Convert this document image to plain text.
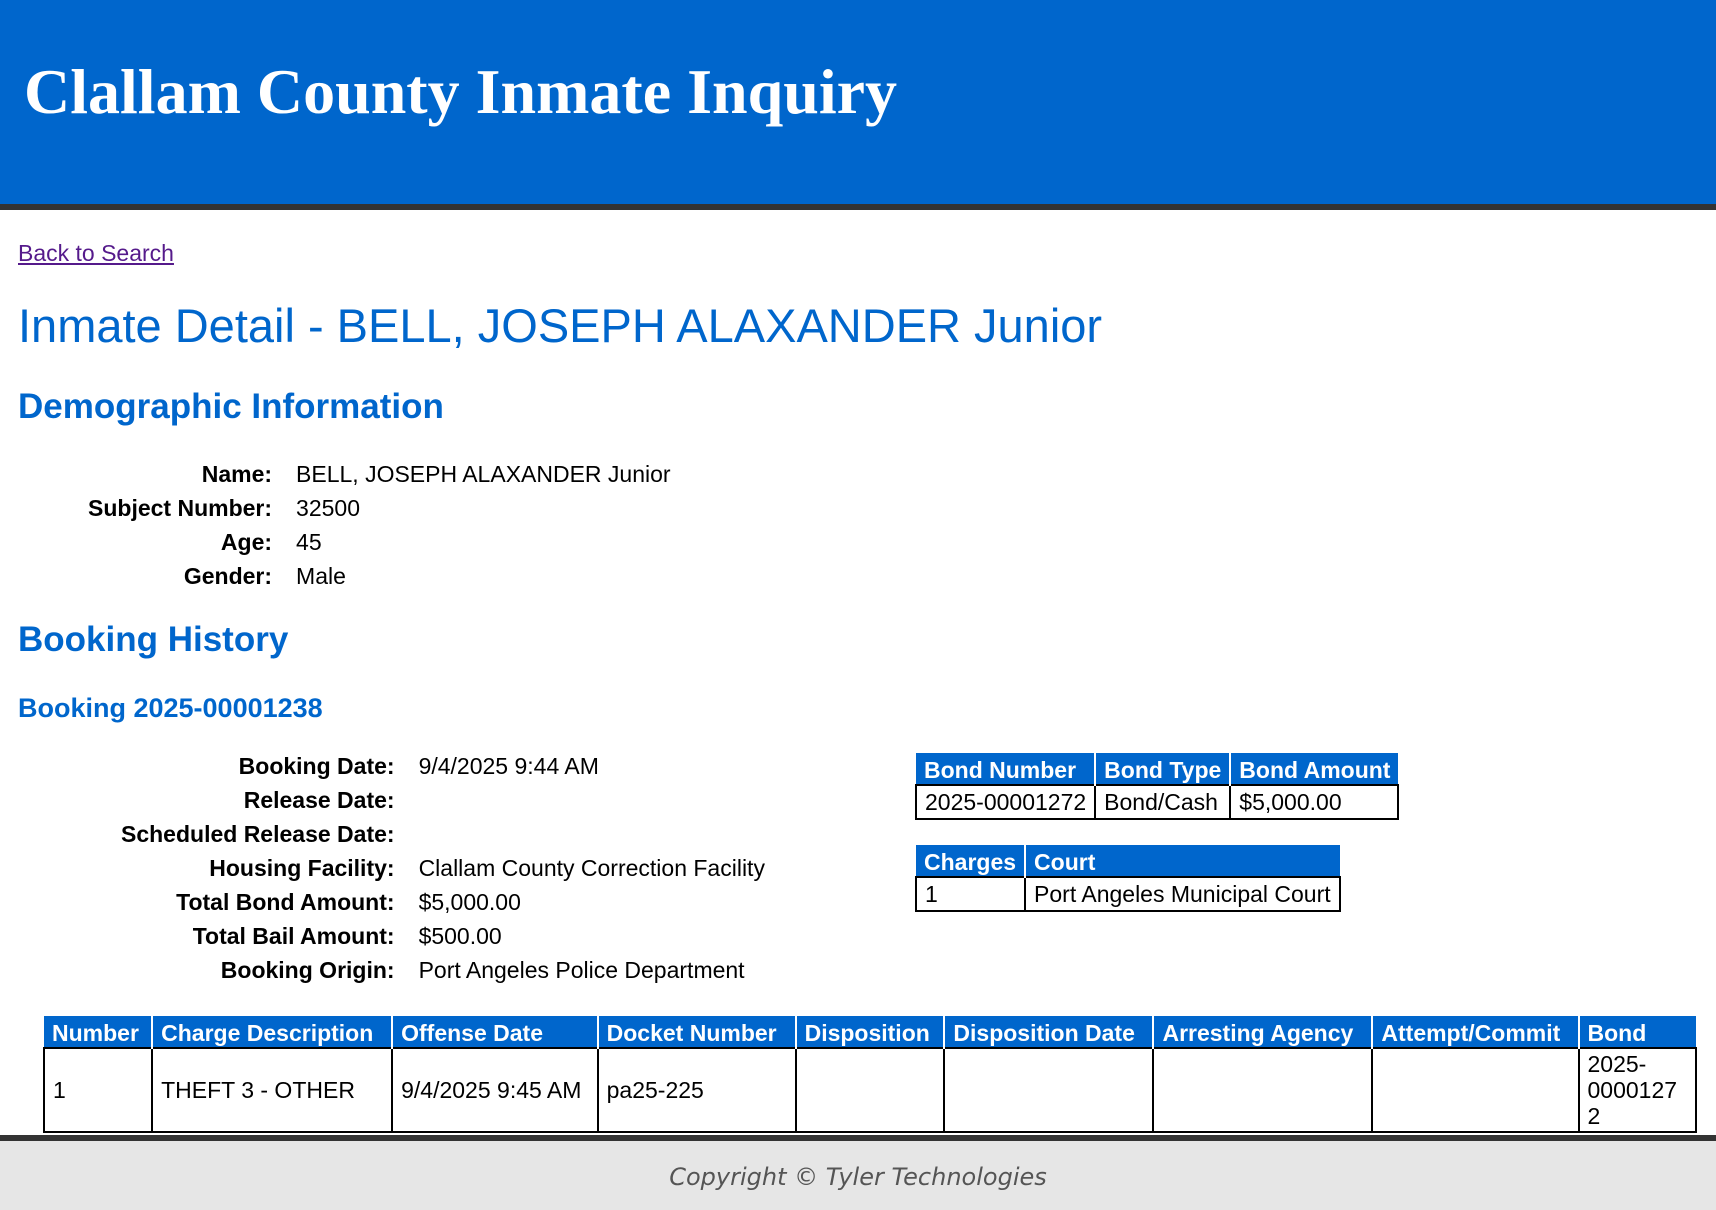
Clallam County Inmate Inquiry
Back to Search
Inmate Detail - BELL, JOSEPH ALAXANDER Junior
Demographic Information
Name:	BELL, JOSEPH ALAXANDER Junior
Subject Number:	32500
Age:	45
Gender:	Male
Booking History
Booking 2025-00001238
Booking Date:	9/4/2025 9:44 AM
Release Date:	
Scheduled Release Date:	
Housing Facility:	Clallam County Correction Facility
Total Bond Amount:	$5,000.00
Total Bail Amount:	$500.00
Booking Origin:	Port Angeles Police Department
Bond Number	Bond Type	Bond Amount
2025-00001272	Bond/Cash	$5,000.00
Charges	Court
1	Port Angeles Municipal Court
Number	Charge Description	Offense Date	Docket Number	Disposition	Disposition Date	Arresting Agency	Attempt/Commit	Bond
1	THEFT 3 - OTHER	9/4/2025 9:45 AM	pa25-225					2025-00001272
Copyright © Tyler Technologies
